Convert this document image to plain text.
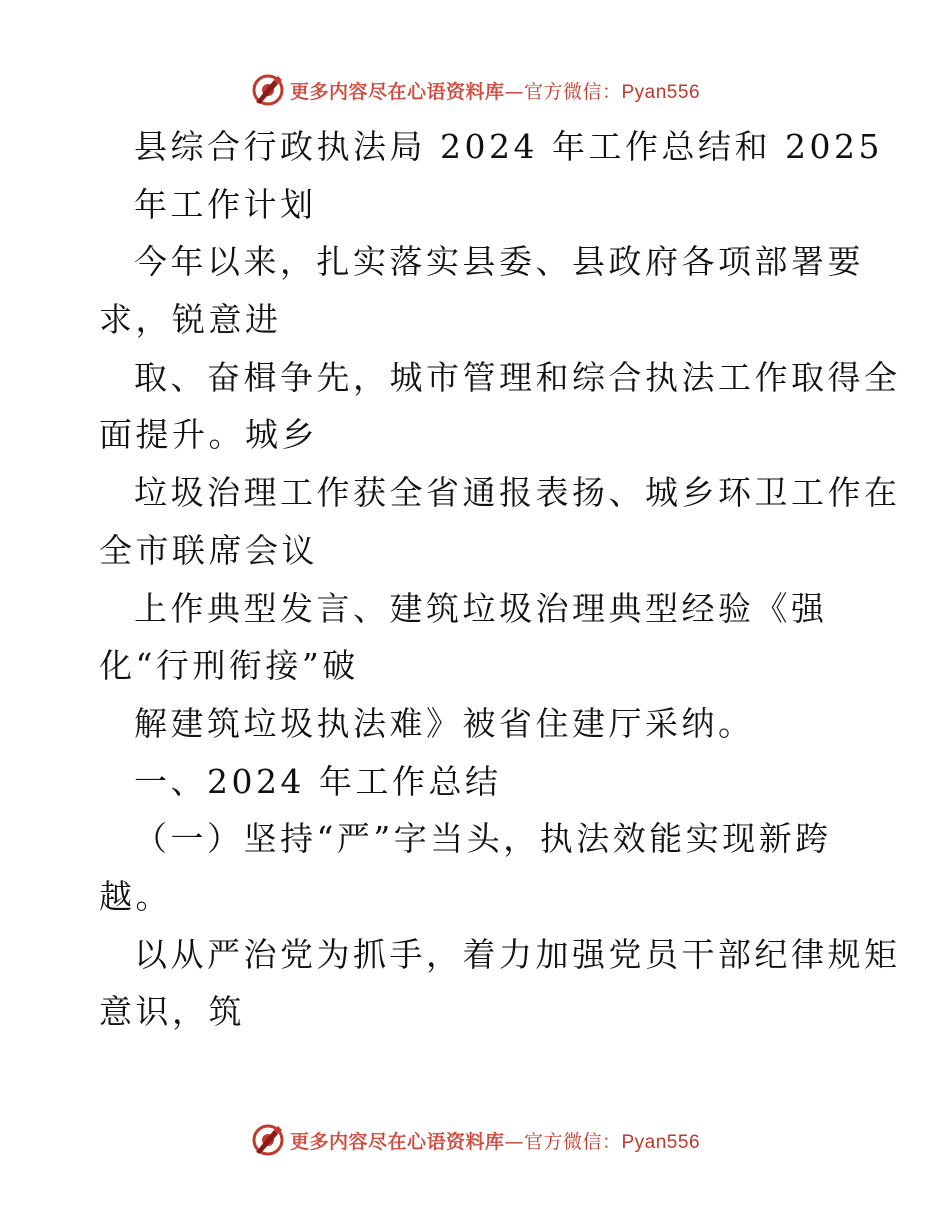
更多内容尽在心语资料库—官方微信：Pyan556
县综合行政执法局 2024 年工作总结和 2025
年工作计划
今年以来，扎实落实县委、县政府各项部署要
求，锐意进
取、奋楫争先，城市管理和综合执法工作取得全
面提升。城乡
垃圾治理工作获全省通报表扬、城乡环卫工作在
全市联席会议
上作典型发言、建筑垃圾治理典型经验《强
化“行刑衔接”破
解建筑垃圾执法难》被省住建厅采纳。
一、2024 年工作总结
（一）坚持“严”字当头，执法效能实现新跨
越。
以从严治党为抓手，着力加强党员干部纪律规矩
意识，筑
更多内容尽在心语资料库—官方微信：Pyan556
